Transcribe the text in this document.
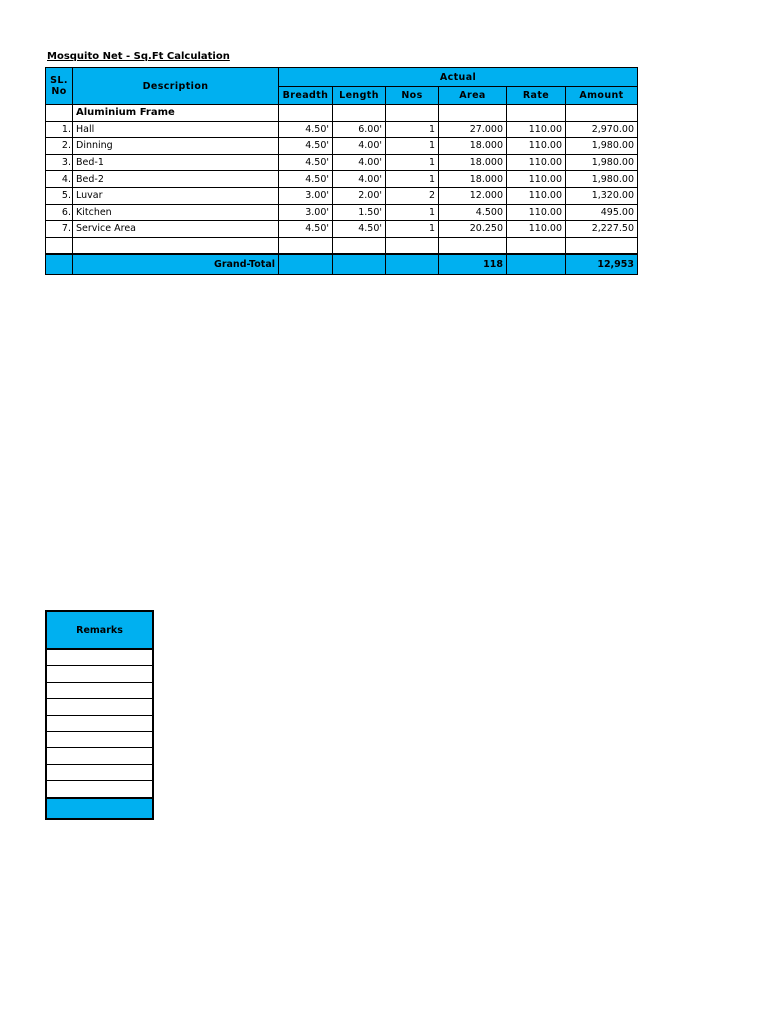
Mosquito Net - Sq.Ft Calculation
SL. No	Description	Actual					
		Breadth	Length	Nos	Area	Rate	Amount
	Aluminium Frame						
1.	Hall	4.50'	6.00'	1	27.000	110.00	2,970.00
2.	Dinning	4.50'	4.00'	1	18.000	110.00	1,980.00
3.	Bed-1	4.50'	4.00'	1	18.000	110.00	1,980.00
4.	Bed-2	4.50'	4.00'	1	18.000	110.00	1,980.00
5.	Luvar	3.00'	2.00'	2	12.000	110.00	1,320.00
6.	Kitchen	3.00'	1.50'	1	4.500	110.00	495.00
7.	Service Area	4.50'	4.50'	1	20.250	110.00	2,227.50

	Grand-Total				118		12,953
Remarks
